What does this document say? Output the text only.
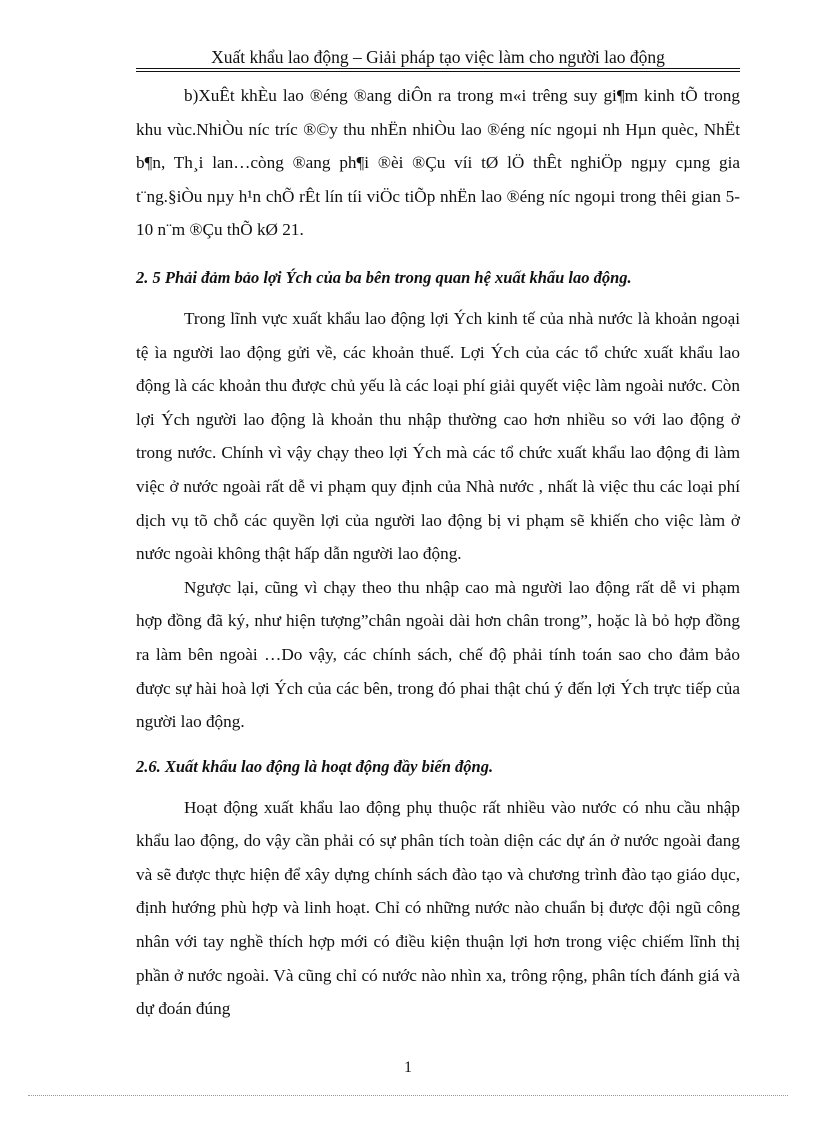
Xuất khẩu lao động – Giải pháp tạo việc làm cho người lao động

b)XuÊt khÈu lao ®éng ®ang diÔn ra trong m«i trêng suy gi¶m kinh tÕ trong khu vùc.NhiÒu níc tríc ®©y thu nhËn nhiÒu lao ®éng níc ngoµi nh Hµn quèc, NhËt b¶n, Th¸i lan…còng ®ang ph¶i ®èi ®Çu víi tØ lÖ thÊt nghiÖp ngµy cµng gia t¨ng.§iÒu nµy h¹n chÕ rÊt lín tíi viÖc tiÕp nhËn lao ®éng níc ngoµi trong thêi gian 5-10 n¨m ®Çu thÕ kØ 21.

2. 5 Phải đảm bảo lợi Ých của ba bên trong quan hệ xuất khẩu lao động.

Trong lĩnh vực xuất khẩu lao động lợi Ých kinh tế của nhà nước là khoản ngoại tệ ìa người lao động gửi về, các khoản thuế. Lợi Ých của các tổ chức xuất khẩu lao động là các khoản thu được chủ yếu là các loại phí giải quyết việc làm ngoài nước. Còn lợi Ých người lao động là khoản thu nhập thường cao hơn nhiều so với lao động ở trong nước. Chính vì vậy chạy theo lợi Ých mà các tổ chức xuất khẩu lao động đi làm việc ở nước ngoài rất dễ vi phạm quy định của Nhà nước , nhất là việc thu các loại phí dịch vụ tõ chỗ các quyền lợi của người lao động bị vi phạm sẽ khiến cho việc làm ở nước ngoài không thật hấp dẫn người lao động.

Ngược lại, cũng vì chạy theo thu nhập cao mà người lao động rất dễ vi phạm hợp đồng đã ký, như hiện tượng”chân ngoài dài hơn chân trong”, hoặc là bỏ hợp đồng ra làm bên ngoài …Do vậy, các chính sách, chế độ phải tính toán sao cho đảm bảo được sự hài hoà lợi Ých của các bên, trong đó phai thật chú ý đến lợi Ých trực tiếp của người lao động.

2.6. Xuất khẩu lao động là hoạt động đầy biến động.

Hoạt động xuất khẩu lao động phụ thuộc rất nhiều vào nước có nhu cầu nhập khẩu lao động, do vậy cần phải có sự phân tích toàn diện các dự án ở nước ngoài đang và sẽ được thực hiện để xây dựng chính sách đào tạo và chương trình đào tạo giáo dục, định hướng phù hợp và linh hoạt. Chỉ có những nước nào chuẩn bị được đội ngũ công nhân với tay nghề thích hợp mới có điều kiện thuận lợi hơn trong việc chiếm lĩnh thị phần ở nước ngoài. Và cũng chỉ có nước nào nhìn xa, trông rộng, phân tích đánh giá và dự đoán đúng

1
